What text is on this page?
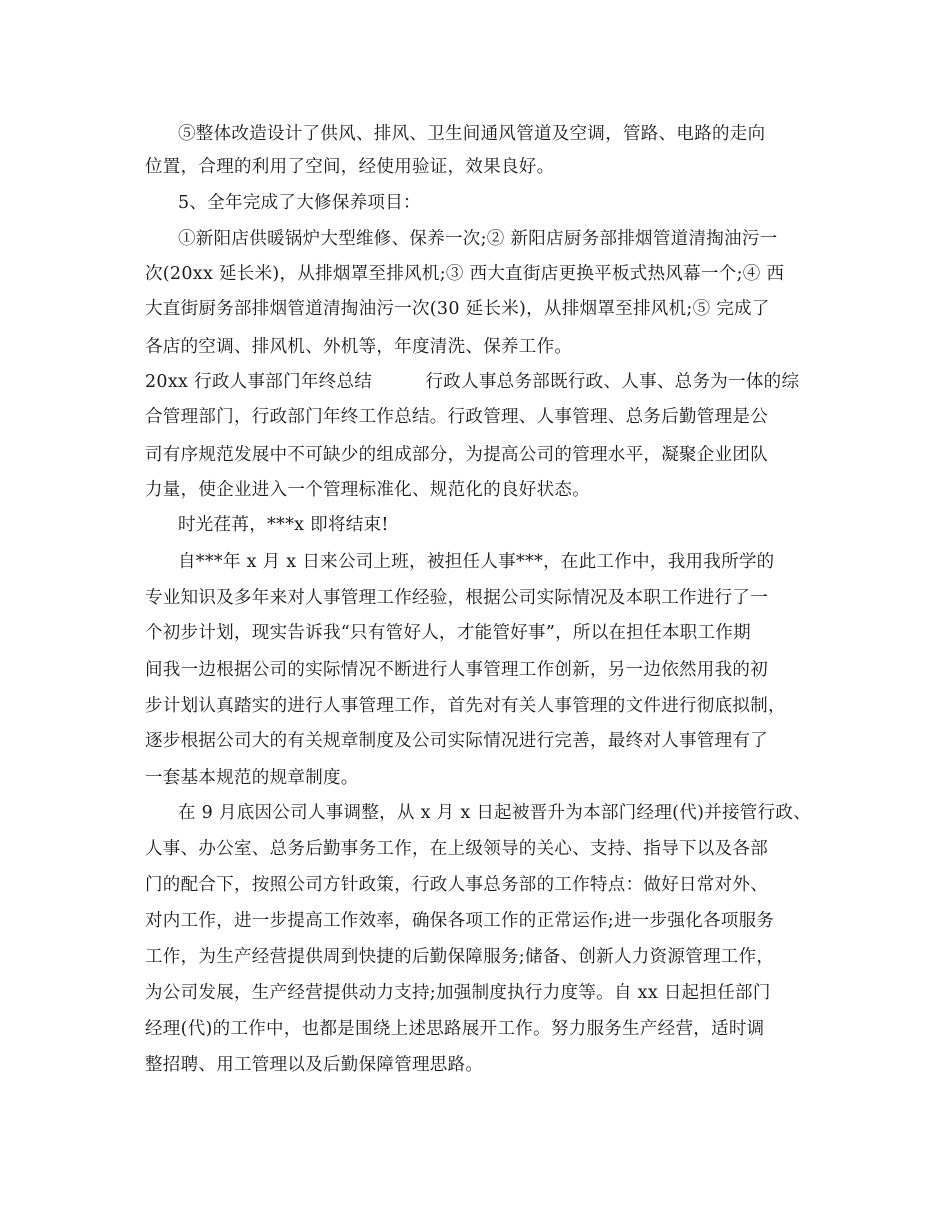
⑤整体改造设计了供风、排风、卫生间通风管道及空调，管路、电路的走向
位置，合理的利用了空间，经使用验证，效果良好。
5、全年完成了大修保养项目：
①新阳店供暖锅炉大型维修、保养一次;② 新阳店厨务部排烟管道清掏油污一
次(20xx 延长米)，从排烟罩至排风机;③ 西大直街店更换平板式热风幕一个;④ 西
大直街厨务部排烟管道清掏油污一次(30 延长米)，从排烟罩至排风机;⑤ 完成了
各店的空调、排风机、外机等，年度清洗、保养工作。
20xx 行政人事部门年终总结　　　行政人事总务部既行政、人事、总务为一体的综
合管理部门，行政部门年终工作总结。行政管理、人事管理、总务后勤管理是公
司有序规范发展中不可缺少的组成部分，为提高公司的管理水平，凝聚企业团队
力量，使企业进入一个管理标准化、规范化的良好状态。
时光荏苒，***x 即将结束!
自***年 x 月 x 日来公司上班，被担任人事***，在此工作中，我用我所学的
专业知识及多年来对人事管理工作经验，根据公司实际情况及本职工作进行了一
个初步计划，现实告诉我“只有管好人，才能管好事”，所以在担任本职工作期
间我一边根据公司的实际情况不断进行人事管理工作创新，另一边依然用我的初
步计划认真踏实的进行人事管理工作，首先对有关人事管理的文件进行彻底拟制，
逐步根据公司大的有关规章制度及公司实际情况进行完善，最终对人事管理有了
一套基本规范的规章制度。
在 9 月底因公司人事调整，从 x 月 x 日起被晋升为本部门经理(代)并接管行政、
人事、办公室、总务后勤事务工作，在上级领导的关心、支持、指导下以及各部
门的配合下，按照公司方针政策，行政人事总务部的工作特点：做好日常对外、
对内工作，进一步提高工作效率，确保各项工作的正常运作;进一步强化各项服务
工作，为生产经营提供周到快捷的后勤保障服务;储备、创新人力资源管理工作，
为公司发展，生产经营提供动力支持;加强制度执行力度等。自 xx 日起担任部门
经理(代)的工作中，也都是围绕上述思路展开工作。努力服务生产经营，适时调
整招聘、用工管理以及后勤保障管理思路。
